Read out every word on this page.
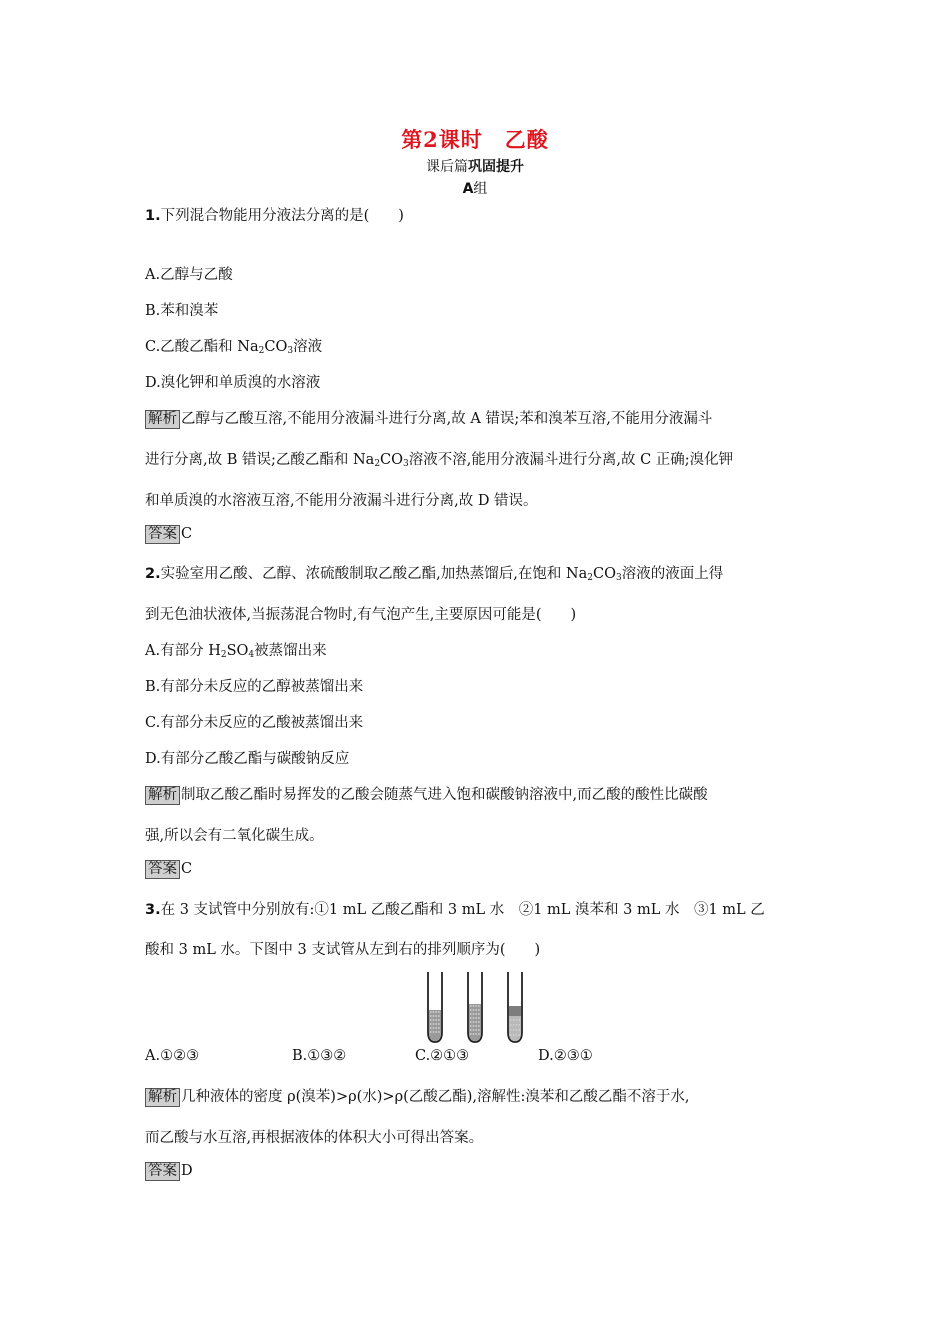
第2课时　乙酸
课后篇巩固提升
A组
1.下列混合物能用分液法分离的是(　　)
A.乙醇与乙酸
B.苯和溴苯
C.乙酸乙酯和 $Na_2CO_3$溶液
D.溴化钾和单质溴的水溶液
解析 乙醇与乙酸互溶,不能用分液漏斗进行分离,故 A 错误;苯和溴苯互溶,不能用分液漏斗
进行分离,故 B 错误;乙酸乙酯和 $Na_2CO_3$溶液不溶,能用分液漏斗进行分离,故 C 正确;溴化钾
和单质溴的水溶液互溶,不能用分液漏斗进行分离,故 D 错误。
答案 C
2.实验室用乙酸、乙醇、浓硫酸制取乙酸乙酯,加热蒸馏后,在饱和 $Na_2CO_3$溶液的液面上得
到无色油状液体,当振荡混合物时,有气泡产生,主要原因可能是(　　)
A.有部分 $H_2SO_4$被蒸馏出来
B.有部分未反应的乙醇被蒸馏出来
C.有部分未反应的乙酸被蒸馏出来
D.有部分乙酸乙酯与碳酸钠反应
解析 制取乙酸乙酯时易挥发的乙酸会随蒸气进入饱和碳酸钠溶液中,而乙酸的酸性比碳酸
强,所以会有二氧化碳生成。
答案 C
3.在 3 支试管中分别放有:①1 mL 乙酸乙酯和 3 mL 水　②1 mL 溴苯和 3 mL 水　③1 mL 乙
酸和 3 mL 水。下图中 3 支试管从左到右的排列顺序为(　　)
A.①②③	B.①③②	C.②①③	D.②③①
解析 几种液体的密度 ρ(溴苯)>ρ(水)>ρ(乙酸乙酯),溶解性:溴苯和乙酸乙酯不溶于水,
而乙酸与水互溶,再根据液体的体积大小可得出答案。
答案 D
